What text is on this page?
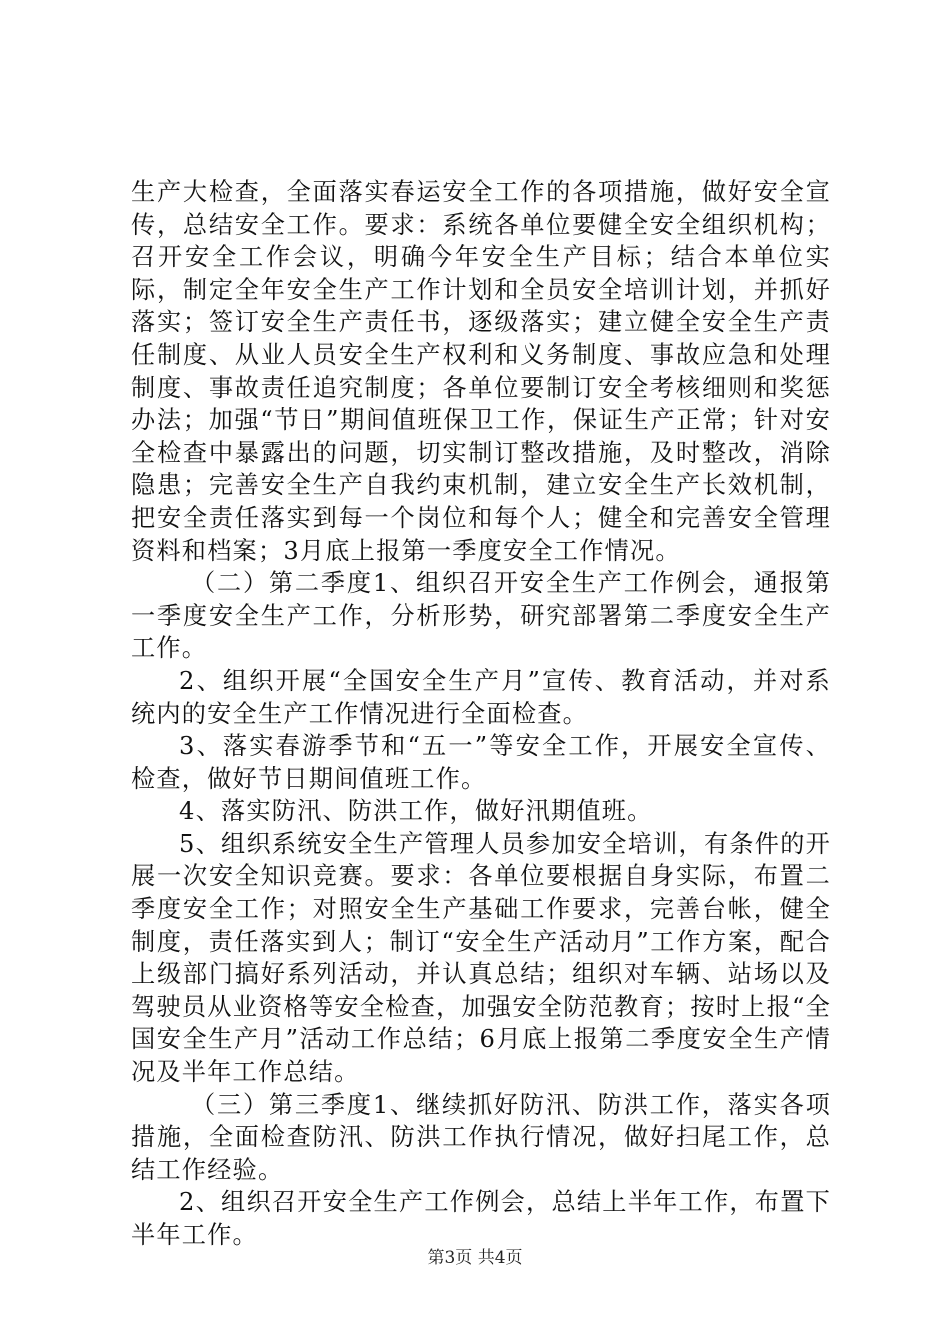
生产大检查，全面落实春运安全工作的各项措施，做好安全宣传，总结安全工作。要求：系统各单位要健全安全组织机构；召开安全工作会议，明确今年安全生产目标；结合本单位实际，制定全年安全生产工作计划和全员安全培训计划，并抓好落实；签订安全生产责任书，逐级落实；建立健全安全生产责任制度、从业人员安全生产权利和义务制度、事故应急和处理制度、事故责任追究制度；各单位要制订安全考核细则和奖惩办法；加强“节日”期间值班保卫工作，保证生产正常；针对安全检查中暴露出的问题，切实制订整改措施，及时整改，消除隐患；完善安全生产自我约束机制，建立安全生产长效机制，把安全责任落实到每一个岗位和每个人；健全和完善安全管理资料和档案；3月底上报第一季度安全工作情况。

（二）第二季度1、组织召开安全生产工作例会，通报第一季度安全生产工作，分析形势，研究部署第二季度安全生产工作。

2、组织开展“全国安全生产月”宣传、教育活动，并对系统内的安全生产工作情况进行全面检查。

3、落实春游季节和“五一”等安全工作，开展安全宣传、检查，做好节日期间值班工作。

4、落实防汛、防洪工作，做好汛期值班。

5、组织系统安全生产管理人员参加安全培训，有条件的开展一次安全知识竞赛。要求：各单位要根据自身实际，布置二季度安全工作；对照安全生产基础工作要求，完善台帐，健全制度，责任落实到人；制订“安全生产活动月”工作方案，配合上级部门搞好系列活动，并认真总结；组织对车辆、站场以及驾驶员从业资格等安全检查，加强安全防范教育；按时上报“全国安全生产月”活动工作总结；6月底上报第二季度安全生产情况及半年工作总结。

（三）第三季度1、继续抓好防汛、防洪工作，落实各项措施，全面检查防汛、防洪工作执行情况，做好扫尾工作，总结工作经验。

2、组织召开安全生产工作例会，总结上半年工作，布置下半年工作。

第3页 共4页
